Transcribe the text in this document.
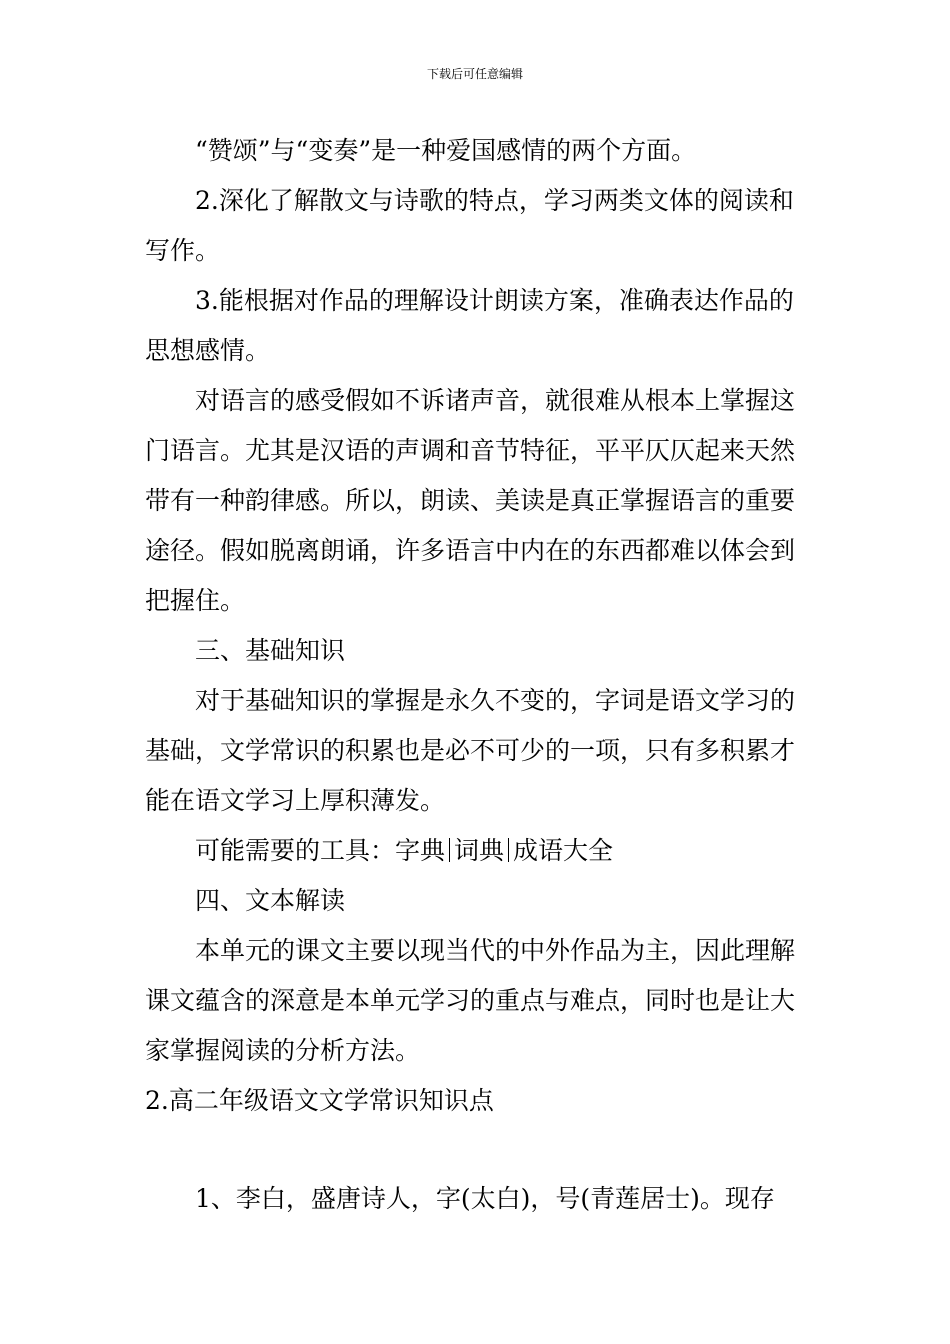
下载后可任意编辑

“赞颂”与“变奏”是一种爱国感情的两个方面。

2.深化了解散文与诗歌的特点，学习两类文体的阅读和写作。

3.能根据对作品的理解设计朗读方案，准确表达作品的思想感情。

对语言的感受假如不诉诸声音，就很难从根本上掌握这门语言。尤其是汉语的声调和音节特征，平平仄仄起来天然带有一种韵律感。所以，朗读、美读是真正掌握语言的重要途径。假如脱离朗诵，许多语言中内在的东西都难以体会到把握住。

三、基础知识

对于基础知识的掌握是永久不变的，字词是语文学习的基础，文学常识的积累也是必不可少的一项，只有多积累才能在语文学习上厚积薄发。

可能需要的工具：字典 词典 成语大全

四、文本解读

本单元的课文主要以现当代的中外作品为主，因此理解课文蕴含的深意是本单元学习的重点与难点，同时也是让大家掌握阅读的分析方法。

2.高二年级语文文学常识知识点

1、李白，盛唐诗人，字(太白)，号(青莲居士)。现存
